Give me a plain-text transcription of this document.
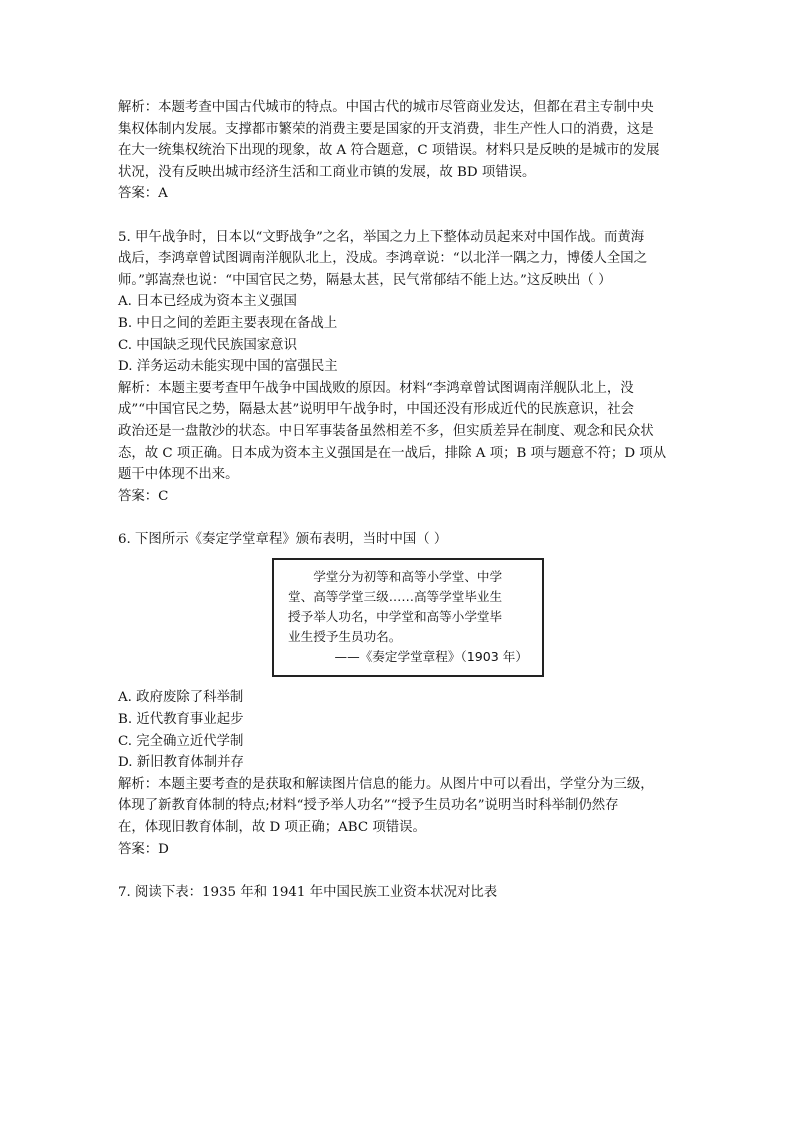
解析：本题考查中国古代城市的特点。中国古代的城市尽管商业发达，但都在君主专制中央

集权体制内发展。支撑都市繁荣的消费主要是国家的开支消费，非生产性人口的消费，这是

在大一统集权统治下出现的现象，故 A 符合题意，C 项错误。材料只是反映的是城市的发展

状况，没有反映出城市经济生活和工商业市镇的发展，故 BD 项错误。

答案：A

5. 甲午战争时，日本以“文野战争”之名，举国之力上下整体动员起来对中国作战。而黄海

战后，李鸿章曾试图调南洋舰队北上，没成。李鸿章说：“以北洋一隅之力，博倭人全国之

师。”郭嵩焘也说：“中国官民之势，隔悬太甚，民气常郁结不能上达。”这反映出（ ）

A. 日本已经成为资本主义强国

B. 中日之间的差距主要表现在备战上

C. 中国缺乏现代民族国家意识

D. 洋务运动未能实现中国的富强民主

解析：本题主要考查甲午战争中国战败的原因。材料“李鸿章曾试图调南洋舰队北上，没

成”“中国官民之势，隔悬太甚”说明甲午战争时，中国还没有形成近代的民族意识，社会

政治还是一盘散沙的状态。中日军事装备虽然相差不多，但实质差异在制度、观念和民众状

态，故 C 项正确。日本成为资本主义强国是在一战后，排除 A 项；B 项与题意不符；D 项从

题干中体现不出来。

答案：C

6. 下图所示《奏定学堂章程》颁布表明，当时中国（ ）

学堂分为初等和高等小学堂、中学

堂、高等学堂三级……高等学堂毕业生

授予举人功名，中学堂和高等小学堂毕

业生授予生员功名。

——《奏定学堂章程》（1903 年）

A. 政府废除了科举制

B. 近代教育事业起步

C. 完全确立近代学制

D. 新旧教育体制并存

解析：本题主要考查的是获取和解读图片信息的能力。从图片中可以看出，学堂分为三级，

体现了新教育体制的特点;材料“授予举人功名”“授予生员功名”说明当时科举制仍然存

在，体现旧教育体制，故 D 项正确；ABC 项错误。

答案：D

7. 阅读下表：1935 年和 1941 年中国民族工业资本状况对比表
